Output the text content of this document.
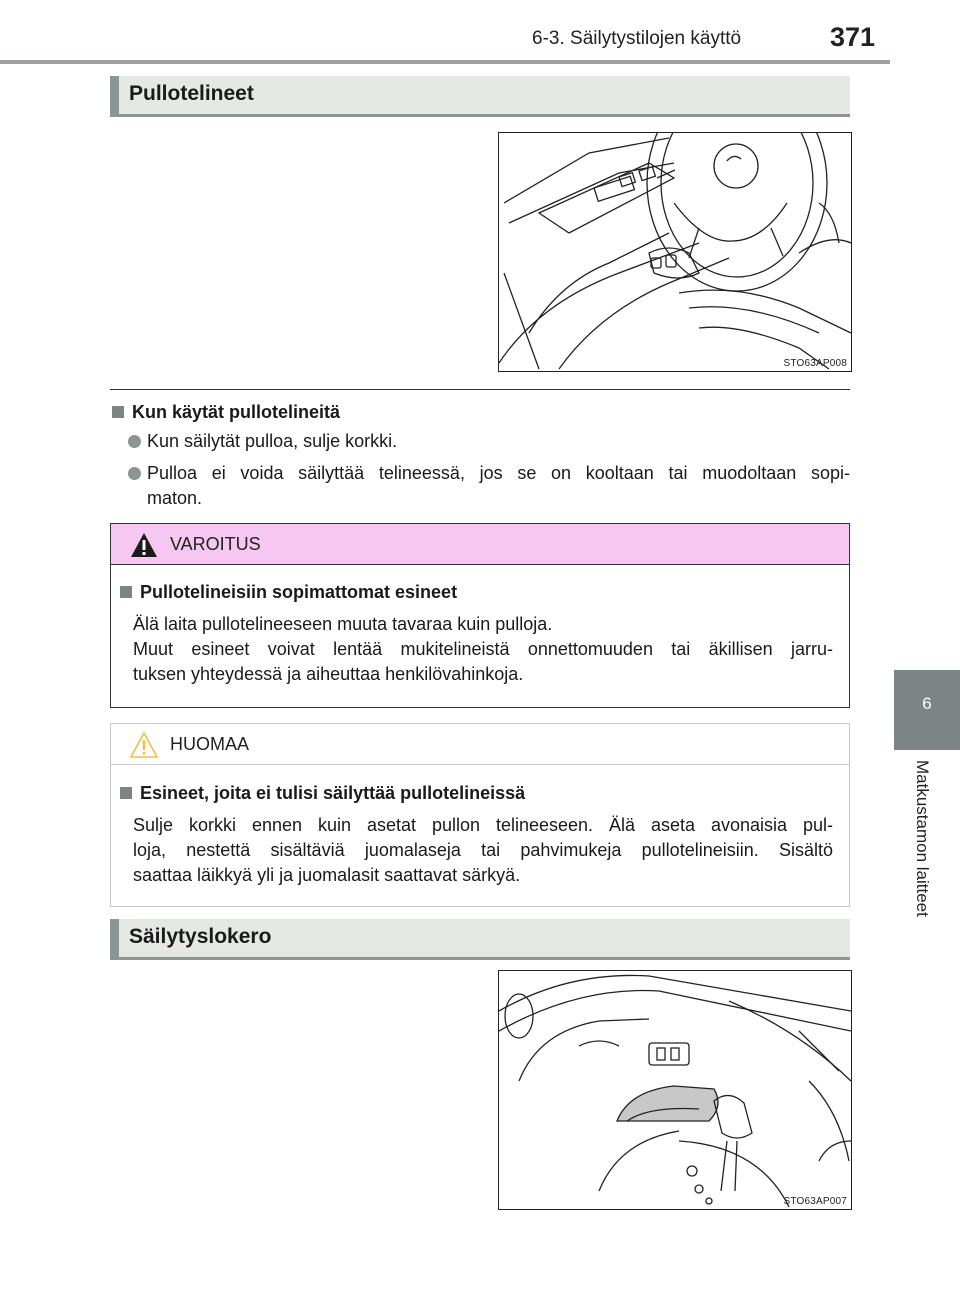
6-3. Säilytystilojen käyttö	371
6
Matkustamon laitteet
Pullotelineet
STO63AP008
Kun käytät pullotelineitä
Kun säilytät pulloa, sulje korkki.
Pulloa ei voida säilyttää telineessä, jos se on kooltaan tai muodoltaan sopi-
maton.
VAROITUS
Pullotelineisiin sopimattomat esineet
Älä laita pullotelineeseen muuta tavaraa kuin pulloja.
Muut esineet voivat lentää mukitelineistä onnettomuuden tai äkillisen jarru-
tuksen yhteydessä ja aiheuttaa henkilövahinkoja.
HUOMAA
Esineet, joita ei tulisi säilyttää pullotelineissä
Sulje korkki ennen kuin asetat pullon telineeseen. Älä aseta avonaisia pul-
loja, nestettä sisältäviä juomalaseja tai pahvimukeja pullotelineisiin. Sisältö
saattaa läikkyä yli ja juomalasit saattavat särkyä.
Säilytyslokero
STO63AP007
